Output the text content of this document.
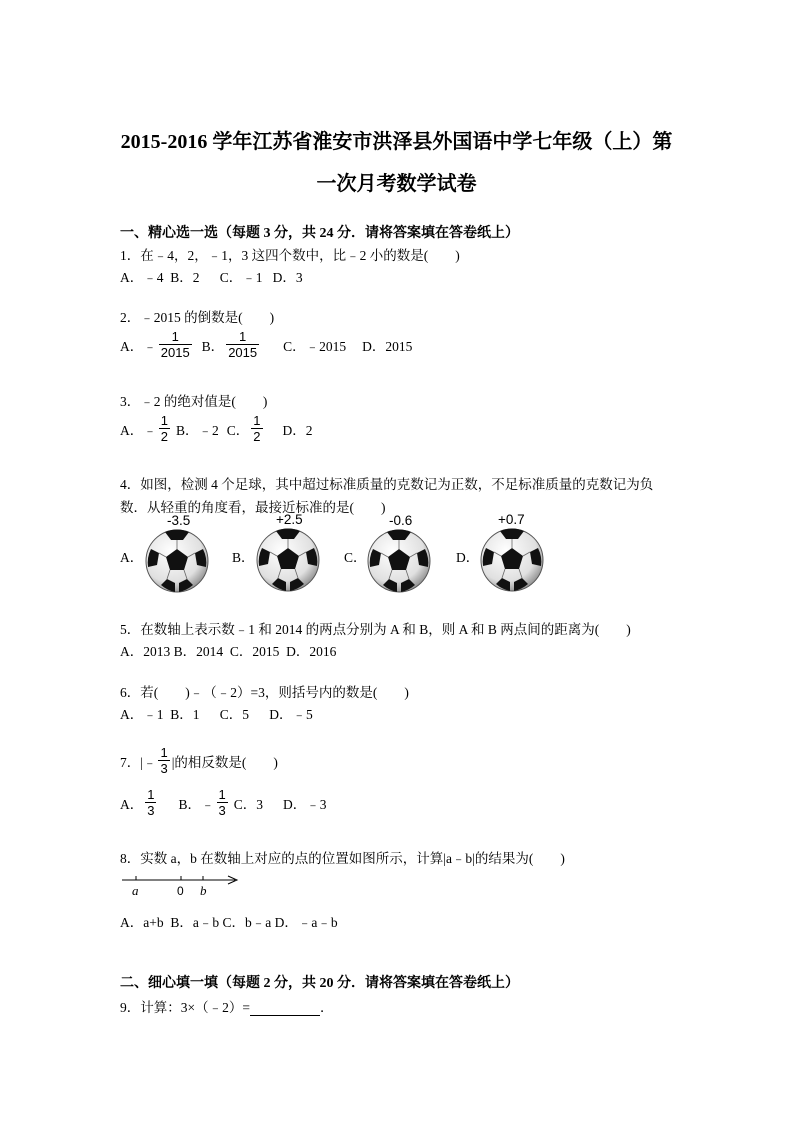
2015-2016 学年江苏省淮安市洪泽县外国语中学七年级（上）第
一次月考数学试卷
一、精心选一选（每题 3 分，共 24 分．请将答案填在答卷纸上）
1．在﹣4，2，﹣1，3 这四个数中，比﹣2 小的数是(　　)
A．﹣4  B．2　  C．﹣1   D．3
2．﹣2015 的倒数是(　　)
A．﹣ $\frac{1}{2015}$ B． $\frac{1}{2015}$ C．﹣2015 D．2015
3．﹣2 的绝对值是(　　)
A．﹣ $\frac{1}{2}$ B．﹣2 C． $\frac{1}{2}$ D．2
4．如图，检测 4 个足球，其中超过标准质量的克数记为正数，不足标准质量的克数记为负
数．从轻重的角度看，最接近标准的是(　　)
A．
-3.5
B．
+2.5
C．
-0.6
D．
+0.7
5．在数轴上表示数﹣1 和 2014 的两点分别为 A 和 B，则 A 和 B 两点间的距离为(　　)
A．2013 B．2014  C．2015  D．2016
6．若(　　)﹣（﹣2）=3，则括号内的数是(　　)
A．﹣1  B．1　  C．5　  D．﹣5
7．|﹣ $\frac{1}{3}$ |的相反数是(　　)
A． $\frac{1}{3}$ B．﹣ $\frac{1}{3}$ C．3 D．﹣3
8．实数 a，b 在数轴上对应的点的位置如图所示，计算|a﹣b|的结果为(　　)
a	0 b
A．a+b  B．a﹣b C．b﹣a D．﹣a﹣b
二、细心填一填（每题 2 分，共 20 分．请将答案填在答卷纸上）
9．计算：3×（﹣2）=	．
